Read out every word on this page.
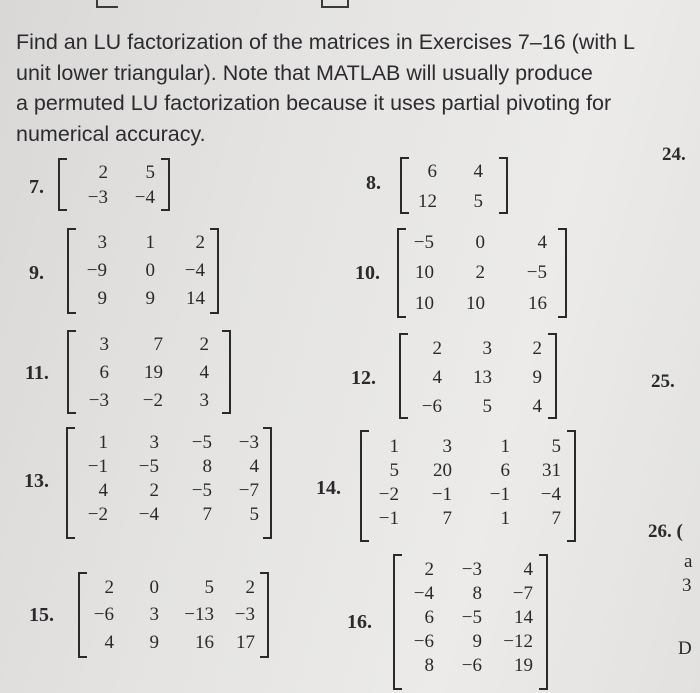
Find an LU factorization of the matrices in Exercises 7–16 (with L
unit lower triangular). Note that MATLAB will usually produce
a permuted LU factorization because it uses partial pivoting for
numerical accuracy.
7.	8.
9.	10.
11.	12.
13.	14.
15.	16.
2 5
−3 −4
6 4
12 5
3 1 2
−9 0 −4
9 9 14
−5 0	4
10 2 −5
10 10 16
3 7 2
6 19 4
−3 −2 3
2 3 2
4 13 9
−6 5 4
1 3 −5 −3
−1 −5 8 4
4 2 −5 −7
−2 −4 7 5
1 3	1 5
5 20	6 31
−2 −1 −1 −4
−1 7	1 7
2 0 5 2
−6 3 −13 −3
4 9 16 17
2 −3 4
−4 8 −7
6 −5 14
−6 9 −12
8 −6 19
24.
25.
26. (
a
3
D
